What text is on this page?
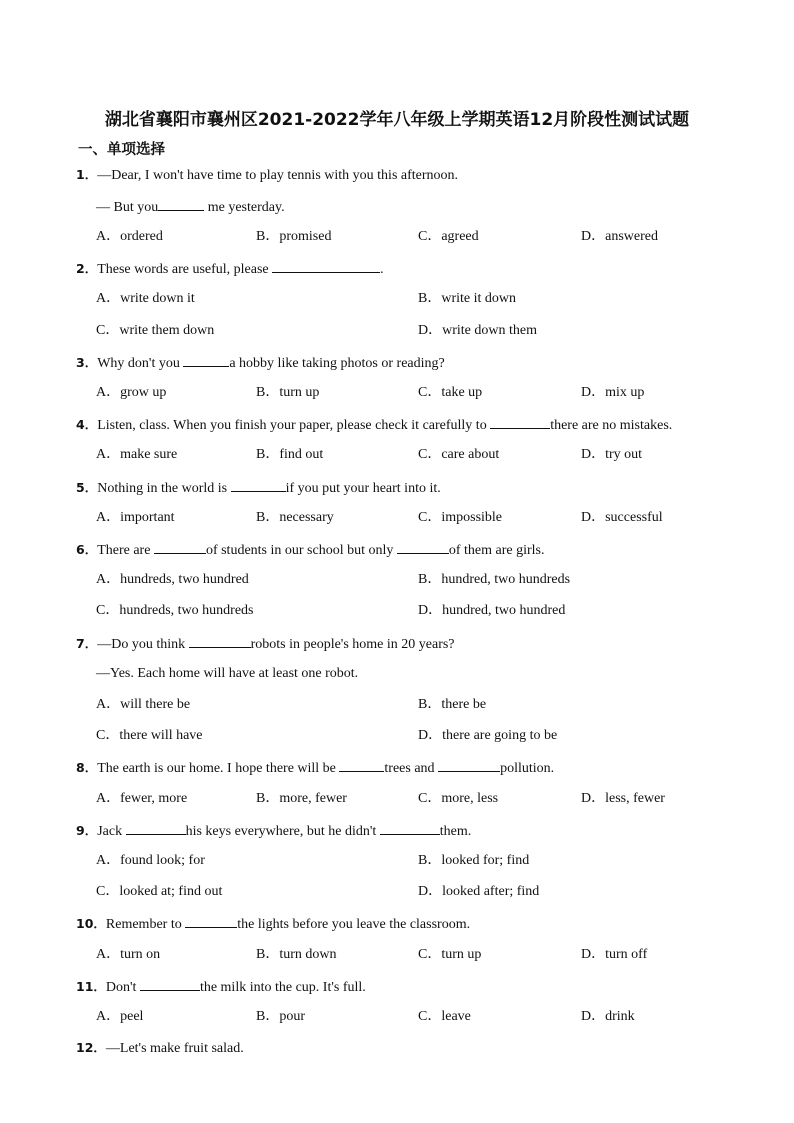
湖北省襄阳市襄州区2021-2022学年八年级上学期英语12月阶段性测试试题
一、单项选择
1．—Dear, I won't have time to play tennis with you this afternoon.
— But you	me yesterday.
A．ordered	B．promised	C．agreed	D．answered
2．These words are useful, please	.
A．write down it	B．write it down
C．write them down	D．write down them
3．Why don't you	a hobby like taking photos or reading?
A．grow up	B．turn up	C．take up	D．mix up
4．Listen, class. When you finish your paper, please check it carefully to	there are no mistakes.
A．make sure	B．find out	C．care about	D．try out
5．Nothing in the world is	if you put your heart into it.
A．important	B．necessary	C．impossible	D．successful
6．There are	of students in our school but only	of them are girls.
A．hundreds, two hundred	B．hundred, two hundreds
C．hundreds, two hundreds	D．hundred, two hundred
7．—Do you think	robots in people's home in 20 years?
—Yes. Each home will have at least one robot.
A．will there be	B．there be
C．there will have	D．there are going to be
8．The earth is our home. I hope there will be	trees and	pollution.
A．fewer, more	B．more, fewer	C．more, less	D．less, fewer
9．Jack	his keys everywhere, but he didn't	them.
A．found look; for	B．looked for; find
C．looked at; find out	D．looked after; find
10．Remember to	the lights before you leave the classroom.
A．turn on	B．turn down	C．turn up	D．turn off
11．Don't	the milk into the cup. It's full.
A．peel	B．pour	C．leave	D．drink
12．—Let's make fruit salad.
